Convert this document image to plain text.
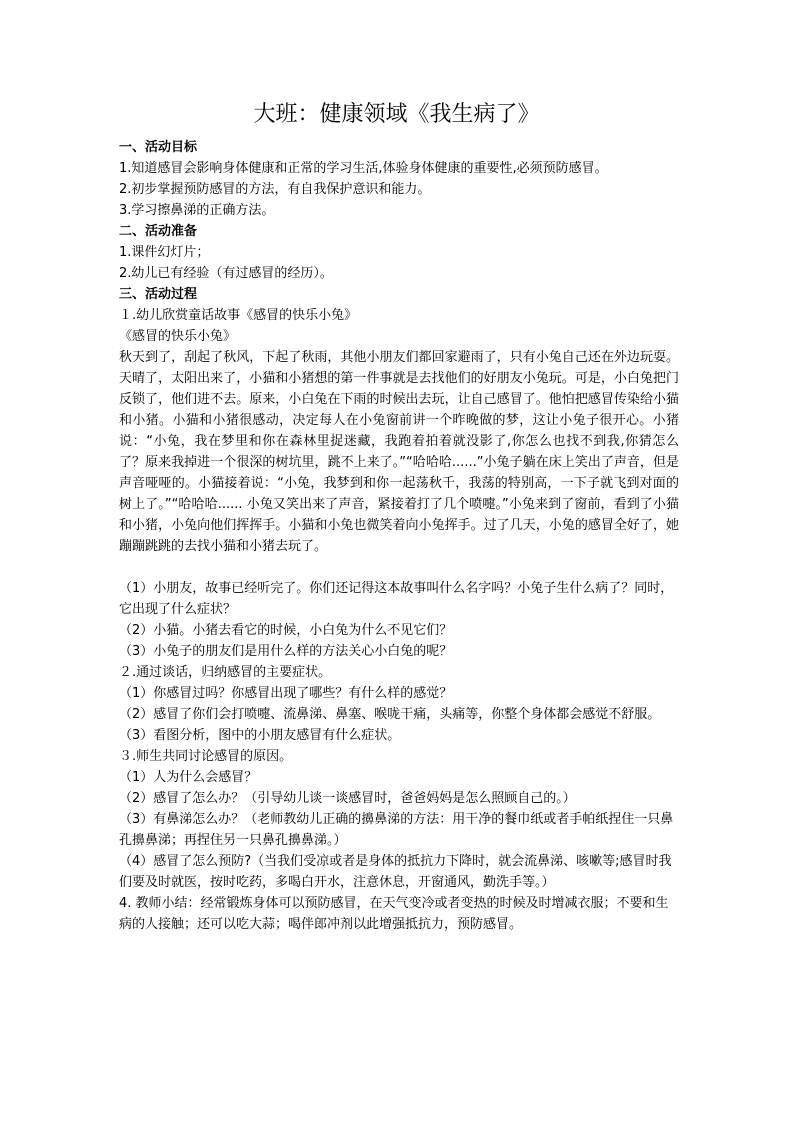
大班：健康领域《我生病了》

一、活动目标

1.知道感冒会影响身体健康和正常的学习生活,体验身体健康的重要性,必须预防感冒。

2.初步掌握预防感冒的方法，有自我保护意识和能力。

3.学习擦鼻涕的正确方法。

二、活动准备

1.课件幻灯片；

2.幼儿已有经验（有过感冒的经历）。

三、活动过程

１.幼儿欣赏童话故事《感冒的快乐小兔》

《感冒的快乐小兔》

秋天到了，刮起了秋风，下起了秋雨，其他小朋友们都回家避雨了，只有小兔自己还在外边玩耍。天晴了，太阳出来了，小猫和小猪想的第一件事就是去找他们的好朋友小兔玩。可是，小白兔把门反锁了，他们进不去。原来，小白兔在下雨的时候出去玩，让自己感冒了。他怕把感冒传染给小猫和小猪。小猫和小猪很感动，决定每人在小兔窗前讲一个昨晚做的梦，这让小兔子很开心。小猪说：“小兔，我在梦里和你在森林里捉迷藏，我跑着拍着就没影了,你怎么也找不到我,你猜怎么了？原来我掉进一个很深的树坑里，跳不上来了。”“哈哈哈......”小兔子躺在床上笑出了声音，但是声音哑哑的。小猫接着说：“小兔，我梦到和你一起荡秋千，我荡的特别高，一下子就飞到对面的树上了。”“哈哈哈...... 小兔又笑出来了声音，紧接着打了几个喷嚏。”小兔来到了窗前，看到了小猫和小猪，小兔向他们挥挥手。小猫和小兔也微笑着向小兔挥手。过了几天，小兔的感冒全好了，她蹦蹦跳跳的去找小猫和小猪去玩了。

（1）小朋友，故事已经听完了。你们还记得这本故事叫什么名字吗？小兔子生什么病了？同时，它出现了什么症状？

（2）小猫。小猪去看它的时候，小白兔为什么不见它们？

（3）小兔子的朋友们是用什么样的方法关心小白兔的呢？

２.通过谈话，归纳感冒的主要症状。

（1）你感冒过吗？你感冒出现了哪些？有什么样的感觉？

（2）感冒了你们会打喷嚏、流鼻涕、鼻塞、喉咙干痛，头痛等，你整个身体都会感觉不舒服。

（3）看图分析，图中的小朋友感冒有什么症状。

３.师生共同讨论感冒的原因。

（1）人为什么会感冒？

（2）感冒了怎么办？（引导幼儿谈一谈感冒时，爸爸妈妈是怎么照顾自己的。）

（3）有鼻涕怎么办？（老师教幼儿正确的擤鼻涕的方法：用干净的餐巾纸或者手帕纸捏住一只鼻孔擤鼻涕；再捏住另一只鼻孔擤鼻涕。）

（4）感冒了怎么预防?（当我们受凉或者是身体的抵抗力下降时，就会流鼻涕、咳嗽等;感冒时我们要及时就医，按时吃药，多喝白开水，注意休息，开窗通风，勤洗手等。）

4. 教师小结：经常锻炼身体可以预防感冒，在天气变冷或者变热的时候及时增减衣服；不要和生病的人接触；还可以吃大蒜；喝伴郎冲剂以此增强抵抗力，预防感冒。
